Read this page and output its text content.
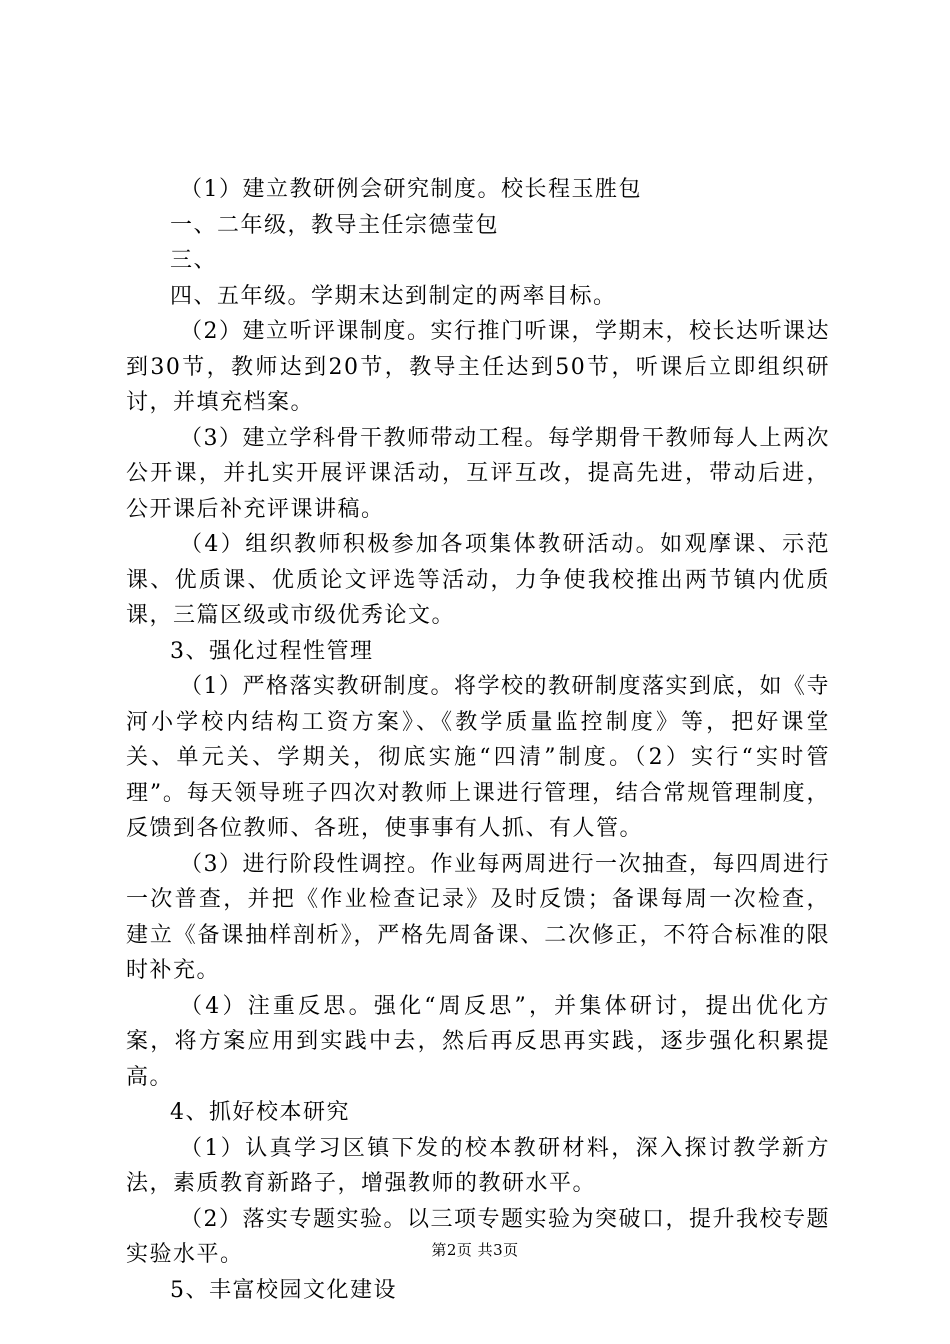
（1）建立教研例会研究制度。校长程玉胜包

一、二年级，教导主任宗德莹包

三、

四、五年级。学期末达到制定的两率目标。

（2）建立听评课制度。实行推门听课，学期末，校长达听课达到30节，教师达到20节，教导主任达到50节，听课后立即组织研讨，并填充档案。

（3）建立学科骨干教师带动工程。每学期骨干教师每人上两次公开课，并扎实开展评课活动，互评互改，提高先进，带动后进，公开课后补充评课讲稿。

（4）组织教师积极参加各项集体教研活动。如观摩课、示范课、优质课、优质论文评选等活动，力争使我校推出两节镇内优质课，三篇区级或市级优秀论文。

3、强化过程性管理

（1）严格落实教研制度。将学校的教研制度落实到底，如《寺河小学校内结构工资方案》、《教学质量监控制度》等，把好课堂关、单元关、学期关，彻底实施“四清”制度。（2）实行“实时管理”。每天领导班子四次对教师上课进行管理，结合常规管理制度，反馈到各位教师、各班，使事事有人抓、有人管。

（3）进行阶段性调控。作业每两周进行一次抽查，每四周进行一次普查，并把《作业检查记录》及时反馈；备课每周一次检查，建立《备课抽样剖析》，严格先周备课、二次修正，不符合标准的限时补充。

（4）注重反思。强化“周反思”，并集体研讨，提出优化方案，将方案应用到实践中去，然后再反思再实践，逐步强化积累提高。

4、抓好校本研究

（1）认真学习区镇下发的校本教研材料，深入探讨教学新方法，素质教育新路子，增强教师的教研水平。

（2）落实专题实验。以三项专题实验为突破口，提升我校专题实验水平。

5、丰富校园文化建设

第2页 共3页
